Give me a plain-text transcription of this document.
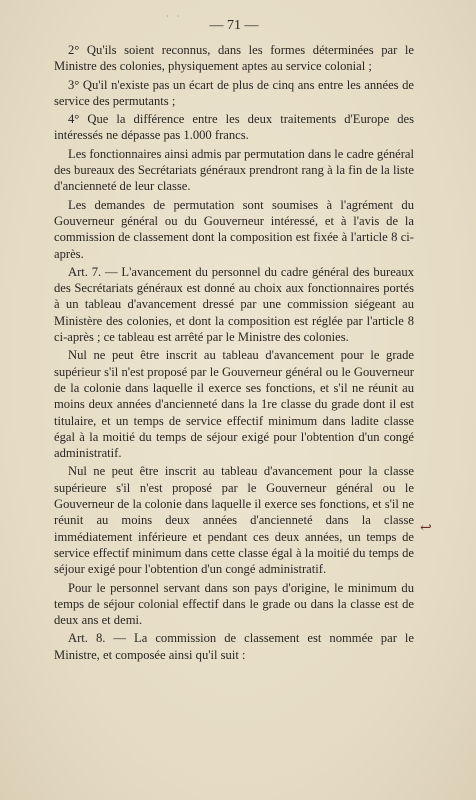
·    ·
— 71 —

2° Qu'ils soient reconnus, dans les formes déterminées par le Ministre des colonies, physiquement aptes au service colonial ;

3° Qu'il n'existe pas un écart de plus de cinq ans entre les années de service des permutants ;

4° Que la différence entre les deux traitements d'Europe des intéressés ne dépasse pas 1.000 francs.

Les fonctionnaires ainsi admis par permutation dans le cadre général des bureaux des Secrétariats généraux prendront rang à la fin de la liste d'ancienneté de leur classe.

Les demandes de permutation sont soumises à l'agrément du Gouverneur général ou du Gouverneur intéressé, et à l'avis de la commission de classement dont la composition est fixée à l'article 8 ci-après.

Art. 7. — L'avancement du personnel du cadre général des bureaux des Secrétariats généraux est donné au choix aux fonctionnaires portés à un tableau d'avancement dressé par une commission siégeant au Ministère des colonies, et dont la composition est réglée par l'article 8 ci-après ; ce tableau est arrêté par le Ministre des colonies.

Nul ne peut être inscrit au tableau d'avancement pour le grade supérieur s'il n'est proposé par le Gouverneur général ou le Gouverneur de la colonie dans laquelle il exerce ses fonctions, et s'il ne réunit au moins deux années d'ancienneté dans la 1re classe du grade dont il est titulaire, et un temps de service effectif minimum dans ladite classe égal à la moitié du temps de séjour exigé pour l'obtention d'un congé administratif.

Nul ne peut être inscrit au tableau d'avancement pour la classe supérieure s'il n'est proposé par le Gouverneur général ou le Gouverneur de la colonie dans laquelle il exerce ses fonctions, et s'il ne réunit au moins deux années d'ancienneté dans la classe immédiatement inférieure et pendant ces deux années, un temps de service effectif minimum dans cette classe égal à la moitié du temps de séjour exigé pour l'obtention d'un congé administratif.

Pour le personnel servant dans son pays d'origine, le minimum du temps de séjour colonial effectif dans le grade ou dans la classe est de deux ans et demi.

Art. 8. — La commission de classement est nommée par le Ministre, et composée ainsi qu'il suit :

↩
